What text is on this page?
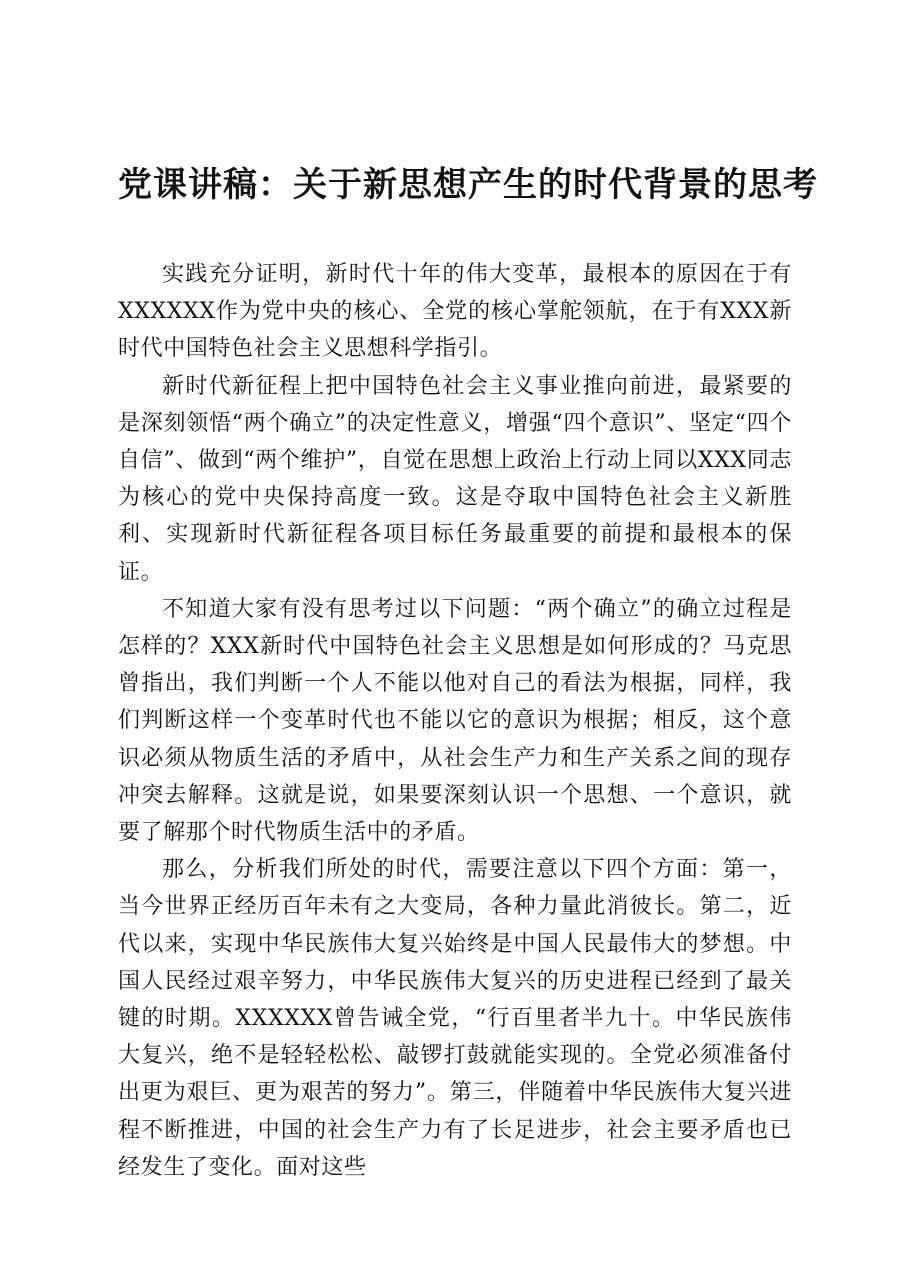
党课讲稿：关于新思想产生的时代背景的思考

实践充分证明，新时代十年的伟大变革，最根本的原因在于有XXXXXX作为党中央的核心、全党的核心掌舵领航，在于有XXX新时代中国特色社会主义思想科学指引。

新时代新征程上把中国特色社会主义事业推向前进，最紧要的是深刻领悟“两个确立”的决定性意义，增强“四个意识”、坚定“四个自信”、做到“两个维护”，自觉在思想上政治上行动上同以XXX同志为核心的党中央保持高度一致。这是夺取中国特色社会主义新胜利、实现新时代新征程各项目标任务最重要的前提和最根本的保证。

不知道大家有没有思考过以下问题：“两个确立”的确立过程是怎样的？XXX新时代中国特色社会主义思想是如何形成的？马克思曾指出，我们判断一个人不能以他对自己的看法为根据，同样，我们判断这样一个变革时代也不能以它的意识为根据；相反，这个意识必须从物质生活的矛盾中，从社会生产力和生产关系之间的现存冲突去解释。这就是说，如果要深刻认识一个思想、一个意识，就要了解那个时代物质生活中的矛盾。

那么，分析我们所处的时代，需要注意以下四个方面：第一，当今世界正经历百年未有之大变局，各种力量此消彼长。第二，近代以来，实现中华民族伟大复兴始终是中国人民最伟大的梦想。中国人民经过艰辛努力，中华民族伟大复兴的历史进程已经到了最关键的时期。XXXXXX曾告诫全党，“行百里者半九十。中华民族伟大复兴，绝不是轻轻松松、敲锣打鼓就能实现的。全党必须准备付出更为艰巨、更为艰苦的努力”。第三，伴随着中华民族伟大复兴进程不断推进，中国的社会生产力有了长足进步，社会主要矛盾也已经发生了变化。面对这些
